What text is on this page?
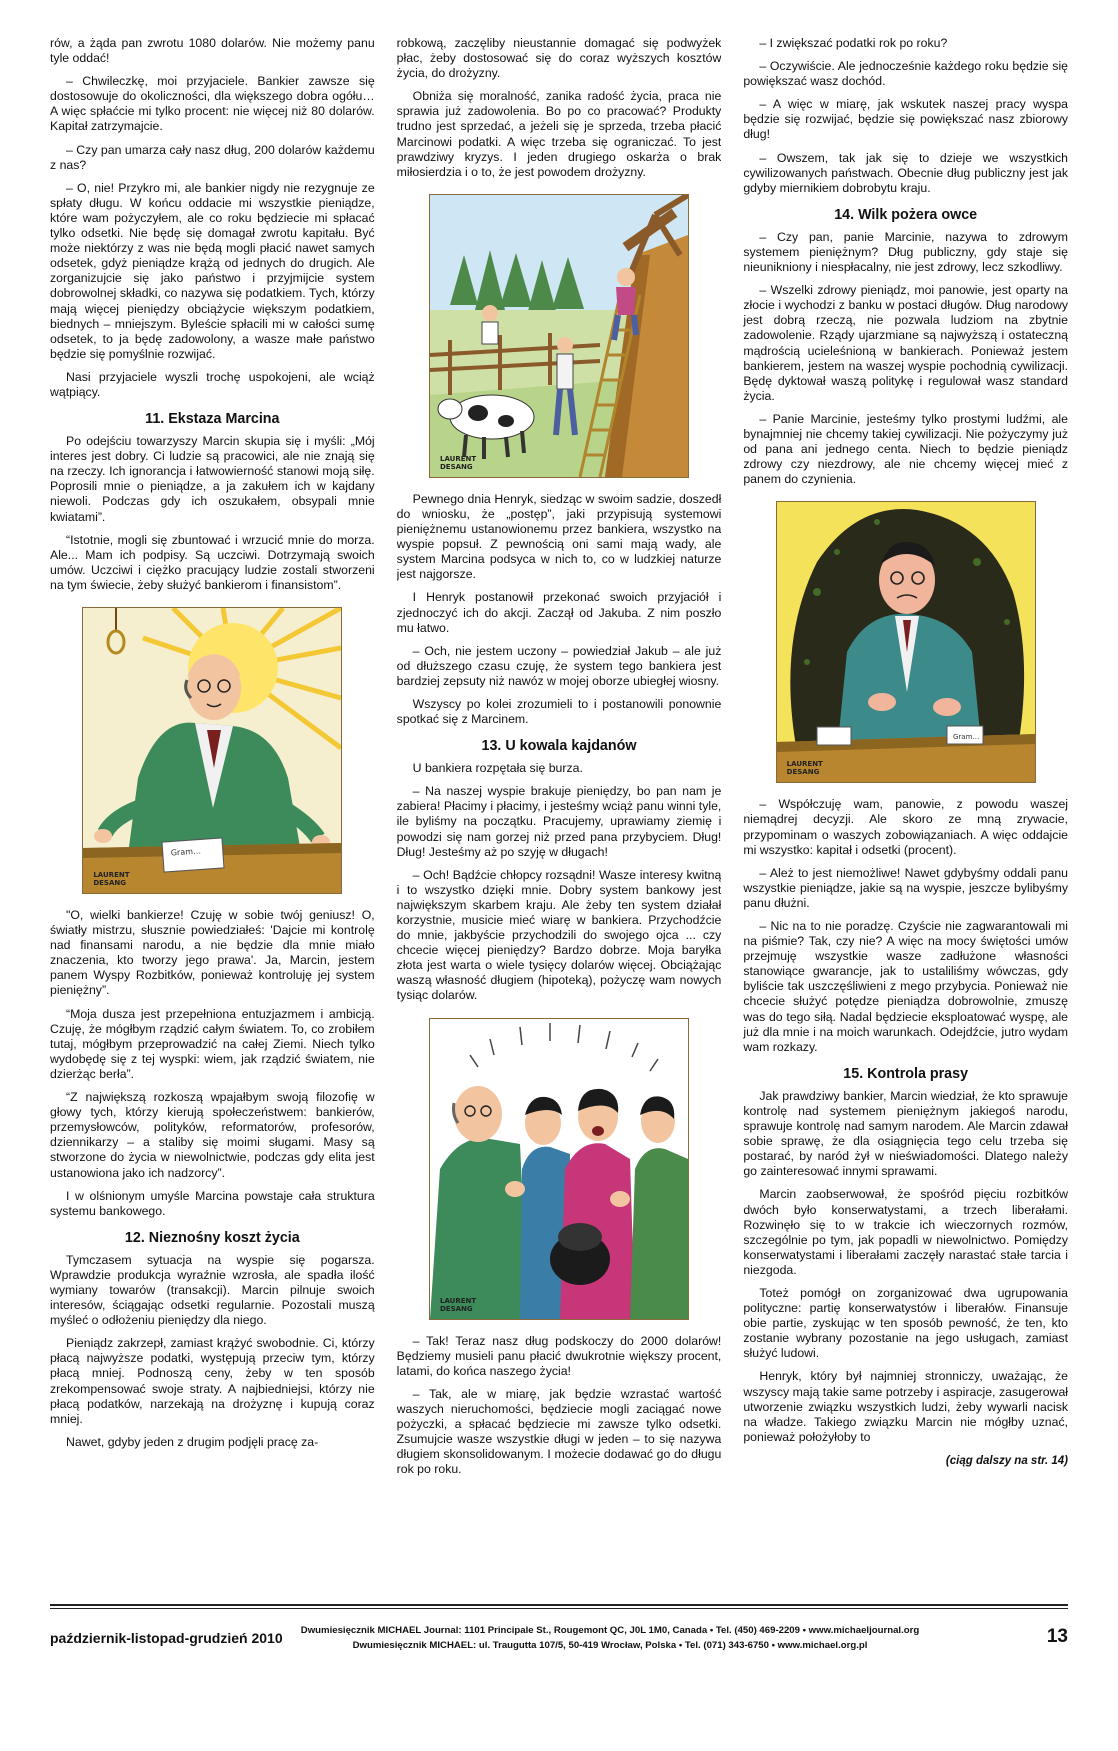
rów, a żąda pan zwrotu 1080 dolarów. Nie możemy panu tyle oddać!

– Chwileczkę, moi przyjaciele. Bankier zawsze się dostosowuje do okoliczności, dla większego dobra ogółu… A więc spłaćcie mi tylko procent: nie więcej niż 80 dolarów. Kapitał zatrzymajcie.

– Czy pan umarza cały nasz dług, 200 dolarów każdemu z nas?

– O, nie! Przykro mi, ale bankier nigdy nie rezygnuje ze spłaty długu. W końcu oddacie mi wszystkie pieniądze, które wam pożyczyłem, ale co roku będziecie mi spłacać tylko odsetki. Nie będę się domagał zwrotu kapitału. Być może niektórzy z was nie będą mogli płacić nawet samych odsetek, gdyż pieniądze krążą od jednych do drugich. Ale zorganizujcie się jako państwo i przyjmijcie system dobrowolnej składki, co nazywa się podatkiem. Tych, którzy mają więcej pieniędzy obciążycie większym podatkiem, biednych – mniejszym. Byleście spłacili mi w całości sumę odsetek, to ja będę zadowolony, a wasze małe państwo będzie się pomyślnie rozwijać.

Nasi przyjaciele wyszli trochę uspokojeni, ale wciąż wątpiący.

11. Ekstaza Marcina

Po odejściu towarzyszy Marcin skupia się i myśli: „Mój interes jest dobry. Ci ludzie są pracowici, ale nie znają się na rzeczy. Ich ignorancja i łatwowierność stanowi moją siłę. Poprosili mnie o pieniądze, a ja zakułem ich w kajdany niewoli. Podczas gdy ich oszukałem, obsypali mnie kwiatami”.

“Istotnie, mogli się zbuntować i wrzucić mnie do morza. Ale... Mam ich podpisy. Są uczciwi. Dotrzymają swoich umów. Uczciwi i ciężko pracujący ludzie zostali stworzeni na tym świecie, żeby służyć bankierom i finansistom”.

Gram…
LAURENT
DESANG

"O, wielki bankierze! Czuję w sobie twój geniusz! O, światły mistrzu, słusznie powiedziałeś: 'Dajcie mi kontrolę nad finansami narodu, a nie będzie dla mnie miało znaczenia, kto tworzy jego prawa'. Ja, Marcin, jestem panem Wyspy Rozbitków, ponieważ kontroluję jej system pieniężny”.

“Moja dusza jest przepełniona entuzjazmem i ambicją. Czuję, że mógłbym rządzić całym światem. To, co zrobiłem tutaj, mógłbym przeprowadzić na całej Ziemi. Niech tylko wydobędę się z tej wyspki: wiem, jak rządzić światem, nie dzierżąc berła”.

“Z największą rozkoszą wpajałbym swoją filozofię w głowy tych, którzy kierują społeczeństwem: bankierów, przemysłowców, polityków, reformatorów, profesorów, dziennikarzy – a staliby się moimi sługami. Masy są stworzone do życia w niewolnictwie, podczas gdy elita jest ustanowiona jako ich nadzorcy”.

I w olśnionym umyśle Marcina powstaje cała struktura systemu bankowego.

12. Nieznośny koszt życia

Tymczasem sytuacja na wyspie się pogarsza. Wprawdzie produkcja wyraźnie wzrosła, ale spadła ilość wymiany towarów (transakcji). Marcin pilnuje swoich interesów, ściągając odsetki regularnie. Pozostali muszą myśleć o odłożeniu pieniędzy dla niego.

Pieniądz zakrzepł, zamiast krążyć swobodnie. Ci, którzy płacą najwyższe podatki, występują przeciw tym, którzy płacą mniej. Podnoszą ceny, żeby w ten sposób zrekompensować swoje straty. A najbiedniejsi, którzy nie płacą podatków, narzekają na drożyznę i kupują coraz mniej.

Nawet, gdyby jeden z drugim podjęli pracę za-

robkową, zaczęliby nieustannie domagać się podwyżek płac, żeby dostosować się do coraz wyższych kosztów życia, do drożyzny.

Obniża się moralność, zanika radość życia, praca nie sprawia już zadowolenia. Bo po co pracować? Produkty trudno jest sprzedać, a jeżeli się je sprzeda, trzeba płacić Marcinowi podatki. A więc trzeba się ograniczać. To jest prawdziwy kryzys. I jeden drugiego oskarża o brak miłosierdzia i o to, że jest powodem drożyzny.

LAURENT
DESANG

Pewnego dnia Henryk, siedząc w swoim sadzie, doszedł do wniosku, że „postęp”, jaki przypisują systemowi pieniężnemu ustanowionemu przez bankiera, wszystko na wyspie popsuł. Z pewnością oni sami mają wady, ale system Marcina podsyca w nich to, co w ludzkiej naturze jest najgorsze.

I Henryk postanowił przekonać swoich przyjaciół i zjednoczyć ich do akcji. Zaczął od Jakuba. Z nim poszło mu łatwo.

– Och, nie jestem uczony – powiedział Jakub – ale już od dłuższego czasu czuję, że system tego bankiera jest bardziej zepsuty niż nawóz w mojej oborze ubiegłej wiosny.

Wszyscy po kolei zrozumieli to i postanowili ponownie spotkać się z Marcinem.

13. U kowala kajdanów

U bankiera rozpętała się burza.

– Na naszej wyspie brakuje pieniędzy, bo pan nam je zabiera! Płacimy i płacimy, i jesteśmy wciąż panu winni tyle, ile byliśmy na początku. Pracujemy, uprawiamy ziemię i powodzi się nam gorzej niż przed pana przybyciem. Dług! Dług! Jesteśmy aż po szyję w długach!

– Och! Bądźcie chłopcy rozsądni! Wasze interesy kwitną i to wszystko dzięki mnie. Dobry system bankowy jest największym skarbem kraju. Ale żeby ten system działał korzystnie, musicie mieć wiarę w bankiera. Przychodźcie do mnie, jakbyście przychodzili do swojego ojca ... czy chcecie więcej pieniędzy? Bardzo dobrze. Moja baryłka złota jest warta o wiele tysięcy dolarów więcej. Obciążając waszą własność długiem (hipoteką), pożyczę wam nowych tysiąc dolarów.

LAURENT
DESANG

– Tak! Teraz nasz dług podskoczy do 2000 dolarów! Będziemy musieli panu płacić dwukrotnie większy procent, latami, do końca naszego życia!

– Tak, ale w miarę, jak będzie wzrastać wartość waszych nieruchomości, będziecie mogli zaciągać nowe pożyczki, a spłacać będziecie mi zawsze tylko odsetki. Zsumujcie wasze wszystkie długi w jeden – to się nazywa długiem skonsolidowanym. I możecie dodawać go do długu rok po roku.

– I zwiększać podatki rok po roku?

– Oczywiście. Ale jednocześnie każdego roku będzie się powiększać wasz dochód.

– A więc w miarę, jak wskutek naszej pracy wyspa będzie się rozwijać, będzie się powiększać nasz zbiorowy dług!

– Owszem, tak jak się to dzieje we wszystkich cywilizowanych państwach. Obecnie dług publiczny jest jak gdyby miernikiem dobrobytu kraju.

14. Wilk pożera owce

– Czy pan, panie Marcinie, nazywa to zdrowym systemem pieniężnym? Dług publiczny, gdy staje się nieunikniony i niespłacalny, nie jest zdrowy, lecz szkodliwy.

– Wszelki zdrowy pieniądz, moi panowie, jest oparty na złocie i wychodzi z banku w postaci długów. Dług narodowy jest dobrą rzeczą, nie pozwala ludziom na zbytnie zadowolenie. Rządy ujarzmiane są najwyższą i ostateczną mądrością ucieleśnioną w bankierach. Ponieważ jestem bankierem, jestem na waszej wyspie pochodnią cywilizacji. Będę dyktował waszą politykę i regulował wasz standard życia.

– Panie Marcinie, jesteśmy tylko prostymi ludźmi, ale bynajmniej nie chcemy takiej cywilizacji. Nie pożyczymy już od pana ani jednego centa. Niech to będzie pieniądz zdrowy czy niezdrowy, ale nie chcemy więcej mieć z panem do czynienia.

Gram…
LAURENT
DESANG

– Współczuję wam, panowie, z powodu waszej niemądrej decyzji. Ale skoro ze mną zrywacie, przypominam o waszych zobowiązaniach. A więc oddajcie mi wszystko: kapitał i odsetki (procent).

– Ależ to jest niemożliwe! Nawet gdybyśmy oddali panu wszystkie pieniądze, jakie są na wyspie, jeszcze bylibyśmy panu dłużni.

– Nic na to nie poradzę. Czyście nie zagwarantowali mi na piśmie? Tak, czy nie? A więc na mocy świętości umów przejmuję wszystkie wasze zadłużone własności stanowiące gwarancje, jak to ustaliliśmy wówczas, gdy byliście tak uszczęśliwieni z mego przybycia. Ponieważ nie chcecie służyć potędze pieniądza dobrowolnie, zmuszę was do tego siłą. Nadal będziecie eksploatować wyspę, ale już dla mnie i na moich warunkach. Odejdźcie, jutro wydam wam rozkazy.

15. Kontrola prasy

Jak prawdziwy bankier, Marcin wiedział, że kto sprawuje kontrolę nad systemem pieniężnym jakiegoś narodu, sprawuje kontrolę nad samym narodem. Ale Marcin zdawał sobie sprawę, że dla osiągnięcia tego celu trzeba się postarać, by naród żył w nieświadomości. Dlatego należy go zainteresować innymi sprawami.

Marcin zaobserwował, że spośród pięciu rozbitków dwóch było konserwatystami, a trzech liberałami. Rozwinęło się to w trakcie ich wieczornych rozmów, szczególnie po tym, jak popadli w niewolnictwo. Pomiędzy konserwatystami i liberałami zaczęły narastać stałe tarcia i niezgoda.

Toteż pomógł on zorganizować dwa ugrupowania polityczne: partię konserwatystów i liberałów. Finansuje obie partie, zyskując w ten sposób pewność, że ten, kto zostanie wybrany pozostanie na jego usługach, zamiast służyć ludowi.

Henryk, który był najmniej stronniczy, uważając, że wszyscy mają takie same potrzeby i aspiracje, zasugerował utworzenie związku wszystkich ludzi, żeby wywarli nacisk na władze. Takiego związku Marcin nie mógłby uznać, ponieważ położyłoby to

(ciąg dalszy na str. 14)
październik-listopad-grudzień 2010	Dwumiesięcznik MICHAEL Journal: 1101 Principale St., Rougemont QC, J0L 1M0, Canada • Tel. (450) 469-2209 • www.michaeljournal.org
Dwumiesięcznik MICHAEL: ul. Traugutta 107/5, 50-419 Wrocław, Polska • Tel. (071) 343-6750 • www.michael.org.pl	13
